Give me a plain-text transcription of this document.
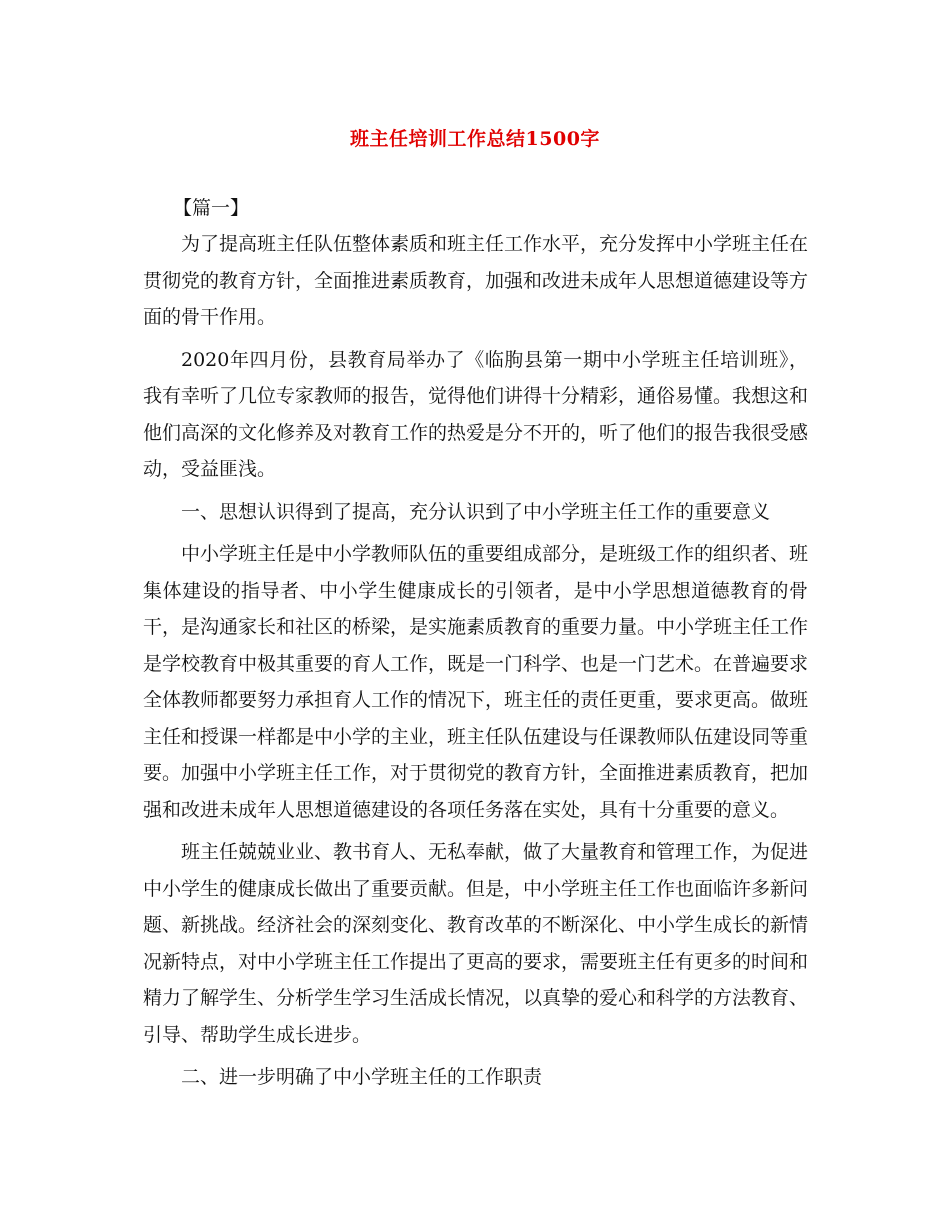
班主任培训工作总结1500字

【篇一】

为了提高班主任队伍整体素质和班主任工作水平，充分发挥中小学班主任在贯彻党的教育方针，全面推进素质教育，加强和改进未成年人思想道德建设等方面的骨干作用。

2020年四月份，县教育局举办了《临朐县第一期中小学班主任培训班》，我有幸听了几位专家教师的报告，觉得他们讲得十分精彩，通俗易懂。我想这和他们高深的文化修养及对教育工作的热爱是分不开的，听了他们的报告我很受感动，受益匪浅。

一、思想认识得到了提高，充分认识到了中小学班主任工作的重要意义

中小学班主任是中小学教师队伍的重要组成部分，是班级工作的组织者、班集体建设的指导者、中小学生健康成长的引领者，是中小学思想道德教育的骨干，是沟通家长和社区的桥梁，是实施素质教育的重要力量。中小学班主任工作是学校教育中极其重要的育人工作，既是一门科学、也是一门艺术。在普遍要求全体教师都要努力承担育人工作的情况下，班主任的责任更重，要求更高。做班主任和授课一样都是中小学的主业，班主任队伍建设与任课教师队伍建设同等重要。加强中小学班主任工作，对于贯彻党的教育方针，全面推进素质教育，把加强和改进未成年人思想道德建设的各项任务落在实处，具有十分重要的意义。

班主任兢兢业业、教书育人、无私奉献，做了大量教育和管理工作，为促进中小学生的健康成长做出了重要贡献。但是，中小学班主任工作也面临许多新问题、新挑战。经济社会的深刻变化、教育改革的不断深化、中小学生成长的新情况新特点，对中小学班主任工作提出了更高的要求，需要班主任有更多的时间和精力了解学生、分析学生学习生活成长情况，以真挚的爱心和科学的方法教育、引导、帮助学生成长进步。

二、进一步明确了中小学班主任的工作职责
